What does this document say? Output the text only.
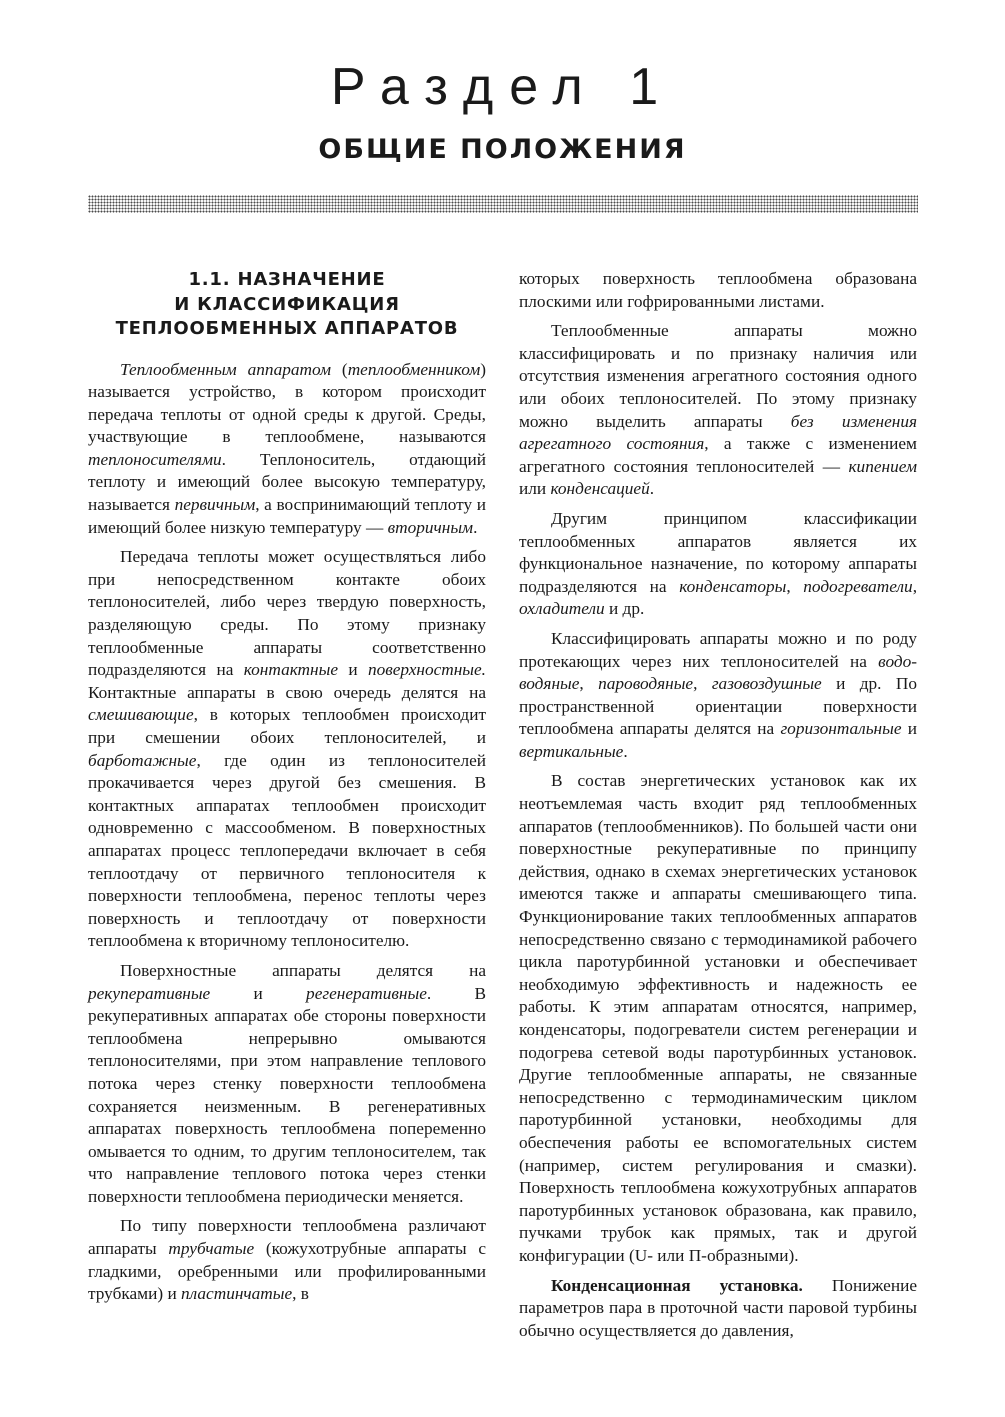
Раздел 1
ОБЩИЕ ПОЛОЖЕНИЯ
1.1. НАЗНАЧЕНИЕ
И КЛАССИФИКАЦИЯ
ТЕПЛООБМЕННЫХ АППАРАТОВ

Теплообменным аппаратом (теплообменником) называется устройство, в котором происходит передача теплоты от одной среды к другой. Среды, участвующие в теплообмене, называются теплоносителями. Теплоноситель, отдающий теплоту и имеющий более высокую температуру, называется первичным, а воспринимающий теплоту и имеющий более низкую температуру — вторичным.

Передача теплоты может осуществляться либо при непосредственном контакте обоих теплоносителей, либо через твердую поверхность, разделяющую среды. По этому признаку теплообменные аппараты соответственно подразделяются на контактные и поверхностные. Контактные аппараты в свою очередь делятся на смешивающие, в которых теплообмен происходит при смешении обоих теплоносителей, и барботажные, где один из теплоносителей прокачивается через другой без смешения. В контактных аппаратах теплообмен происходит одновременно с массообменом. В поверхностных аппаратах процесс теплопередачи включает в себя теплоотдачу от первичного теплоносителя к поверхности теплообмена, перенос теплоты через поверхность и теплоотдачу от поверхности теплообмена к вторичному теплоносителю.

Поверхностные аппараты делятся на рекуперативные и регенеративные. В рекуперативных аппаратах обе стороны поверхности теплообмена непрерывно омываются теплоносителями, при этом направление теплового потока через стенку поверхности теплообмена сохраняется неизменным. В регенеративных аппаратах поверхность теплообмена попеременно омывается то одним, то другим теплоносителем, так что направление теплового потока через стенки поверхности теплообмена периодически меняется.

По типу поверхности теплообмена различают аппараты трубчатые (кожухотрубные аппараты с гладкими, оребренными или профилированными трубками) и пластинчатые, в

которых поверхность теплообмена образована плоскими или гофрированными листами.

Теплообменные аппараты можно классифицировать и по признаку наличия или отсутствия изменения агрегатного состояния одного или обоих теплоносителей. По этому признаку можно выделить аппараты без изменения агрегатного состояния, а также с изменением агрегатного состояния теплоносителей — кипением или конденсацией.

Другим принципом классификации теплообменных аппаратов является их функциональное назначение, по которому аппараты подразделяются на конденсаторы, подогреватели, охладители и др.

Классифицировать аппараты можно и по роду протекающих через них теплоносителей на водо-водяные, пароводяные, газовоздушные и др. По пространственной ориентации поверхности теплообмена аппараты делятся на горизонтальные и вертикальные.

В состав энергетических установок как их неотъемлемая часть входит ряд теплообменных аппаратов (теплообменников). По большей части они поверхностные рекуперативные по принципу действия, однако в схемах энергетических установок имеются также и аппараты смешивающего типа. Функционирование таких теплообменных аппаратов непосредственно связано с термодинамикой рабочего цикла паротурбинной установки и обеспечивает необходимую эффективность и надежность ее работы. К этим аппаратам относятся, например, конденсаторы, подогреватели систем регенерации и подогрева сетевой воды паротурбинных установок. Другие теплообменные аппараты, не связанные непосредственно с термодинамическим циклом паротурбинной установки, необходимы для обеспечения работы ее вспомогательных систем (например, систем регулирования и смазки). Поверхность теплообмена кожухотрубных аппаратов паротурбинных установок образована, как правило, пучками трубок как прямых, так и другой конфигурации (U- или П-образными).

Конденсационная установка. Понижение параметров пара в проточной части паровой турбины обычно осуществляется до давления,
